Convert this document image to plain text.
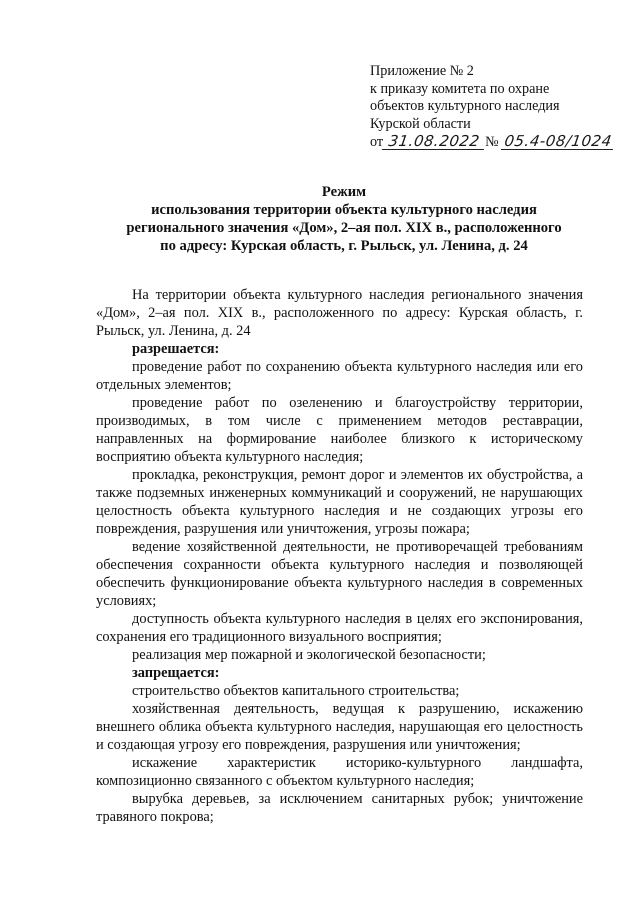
Приложение № 2
к приказу комитета по охране
объектов культурного наследия
Курской области
от 31.08.2022 № 05.4-08/1024
Режим
использования территории объекта культурного наследия
регионального значения «Дом», 2–ая пол. XIX в., расположенного
по адресу: Курская область, г. Рыльск, ул. Ленина, д. 24

На территории объекта культурного наследия регионального значения «Дом», 2–ая пол. XIX в., расположенного по адресу: Курская область, г. Рыльск, ул. Ленина, д. 24

разрешается:

проведение работ по сохранению объекта культурного наследия или его отдельных элементов;

проведение работ по озеленению и благоустройству территории, производимых, в том числе с применением методов реставрации, направленных на формирование наиболее близкого к историческому восприятию объекта культурного наследия;

прокладка, реконструкция, ремонт дорог и элементов их обустройства, а также подземных инженерных коммуникаций и сооружений, не нарушающих целостность объекта культурного наследия и не создающих угрозы его повреждения, разрушения или уничтожения, угрозы пожара;

ведение хозяйственной деятельности, не противоречащей требованиям обеспечения сохранности объекта культурного наследия и позволяющей обеспечить функционирование объекта культурного наследия в современных условиях;

доступность объекта культурного наследия в целях его экспонирования, сохранения его традиционного визуального восприятия;

реализация мер пожарной и экологической безопасности;

запрещается:

строительство объектов капитального строительства;

хозяйственная деятельность, ведущая к разрушению, искажению внешнего облика объекта культурного наследия, нарушающая его целостность и создающая угрозу его повреждения, разрушения или уничтожения;

искажение характеристик историко-культурного ландшафта, композиционно связанного с объектом культурного наследия;

вырубка деревьев, за исключением санитарных рубок; уничтожение травяного покрова;
